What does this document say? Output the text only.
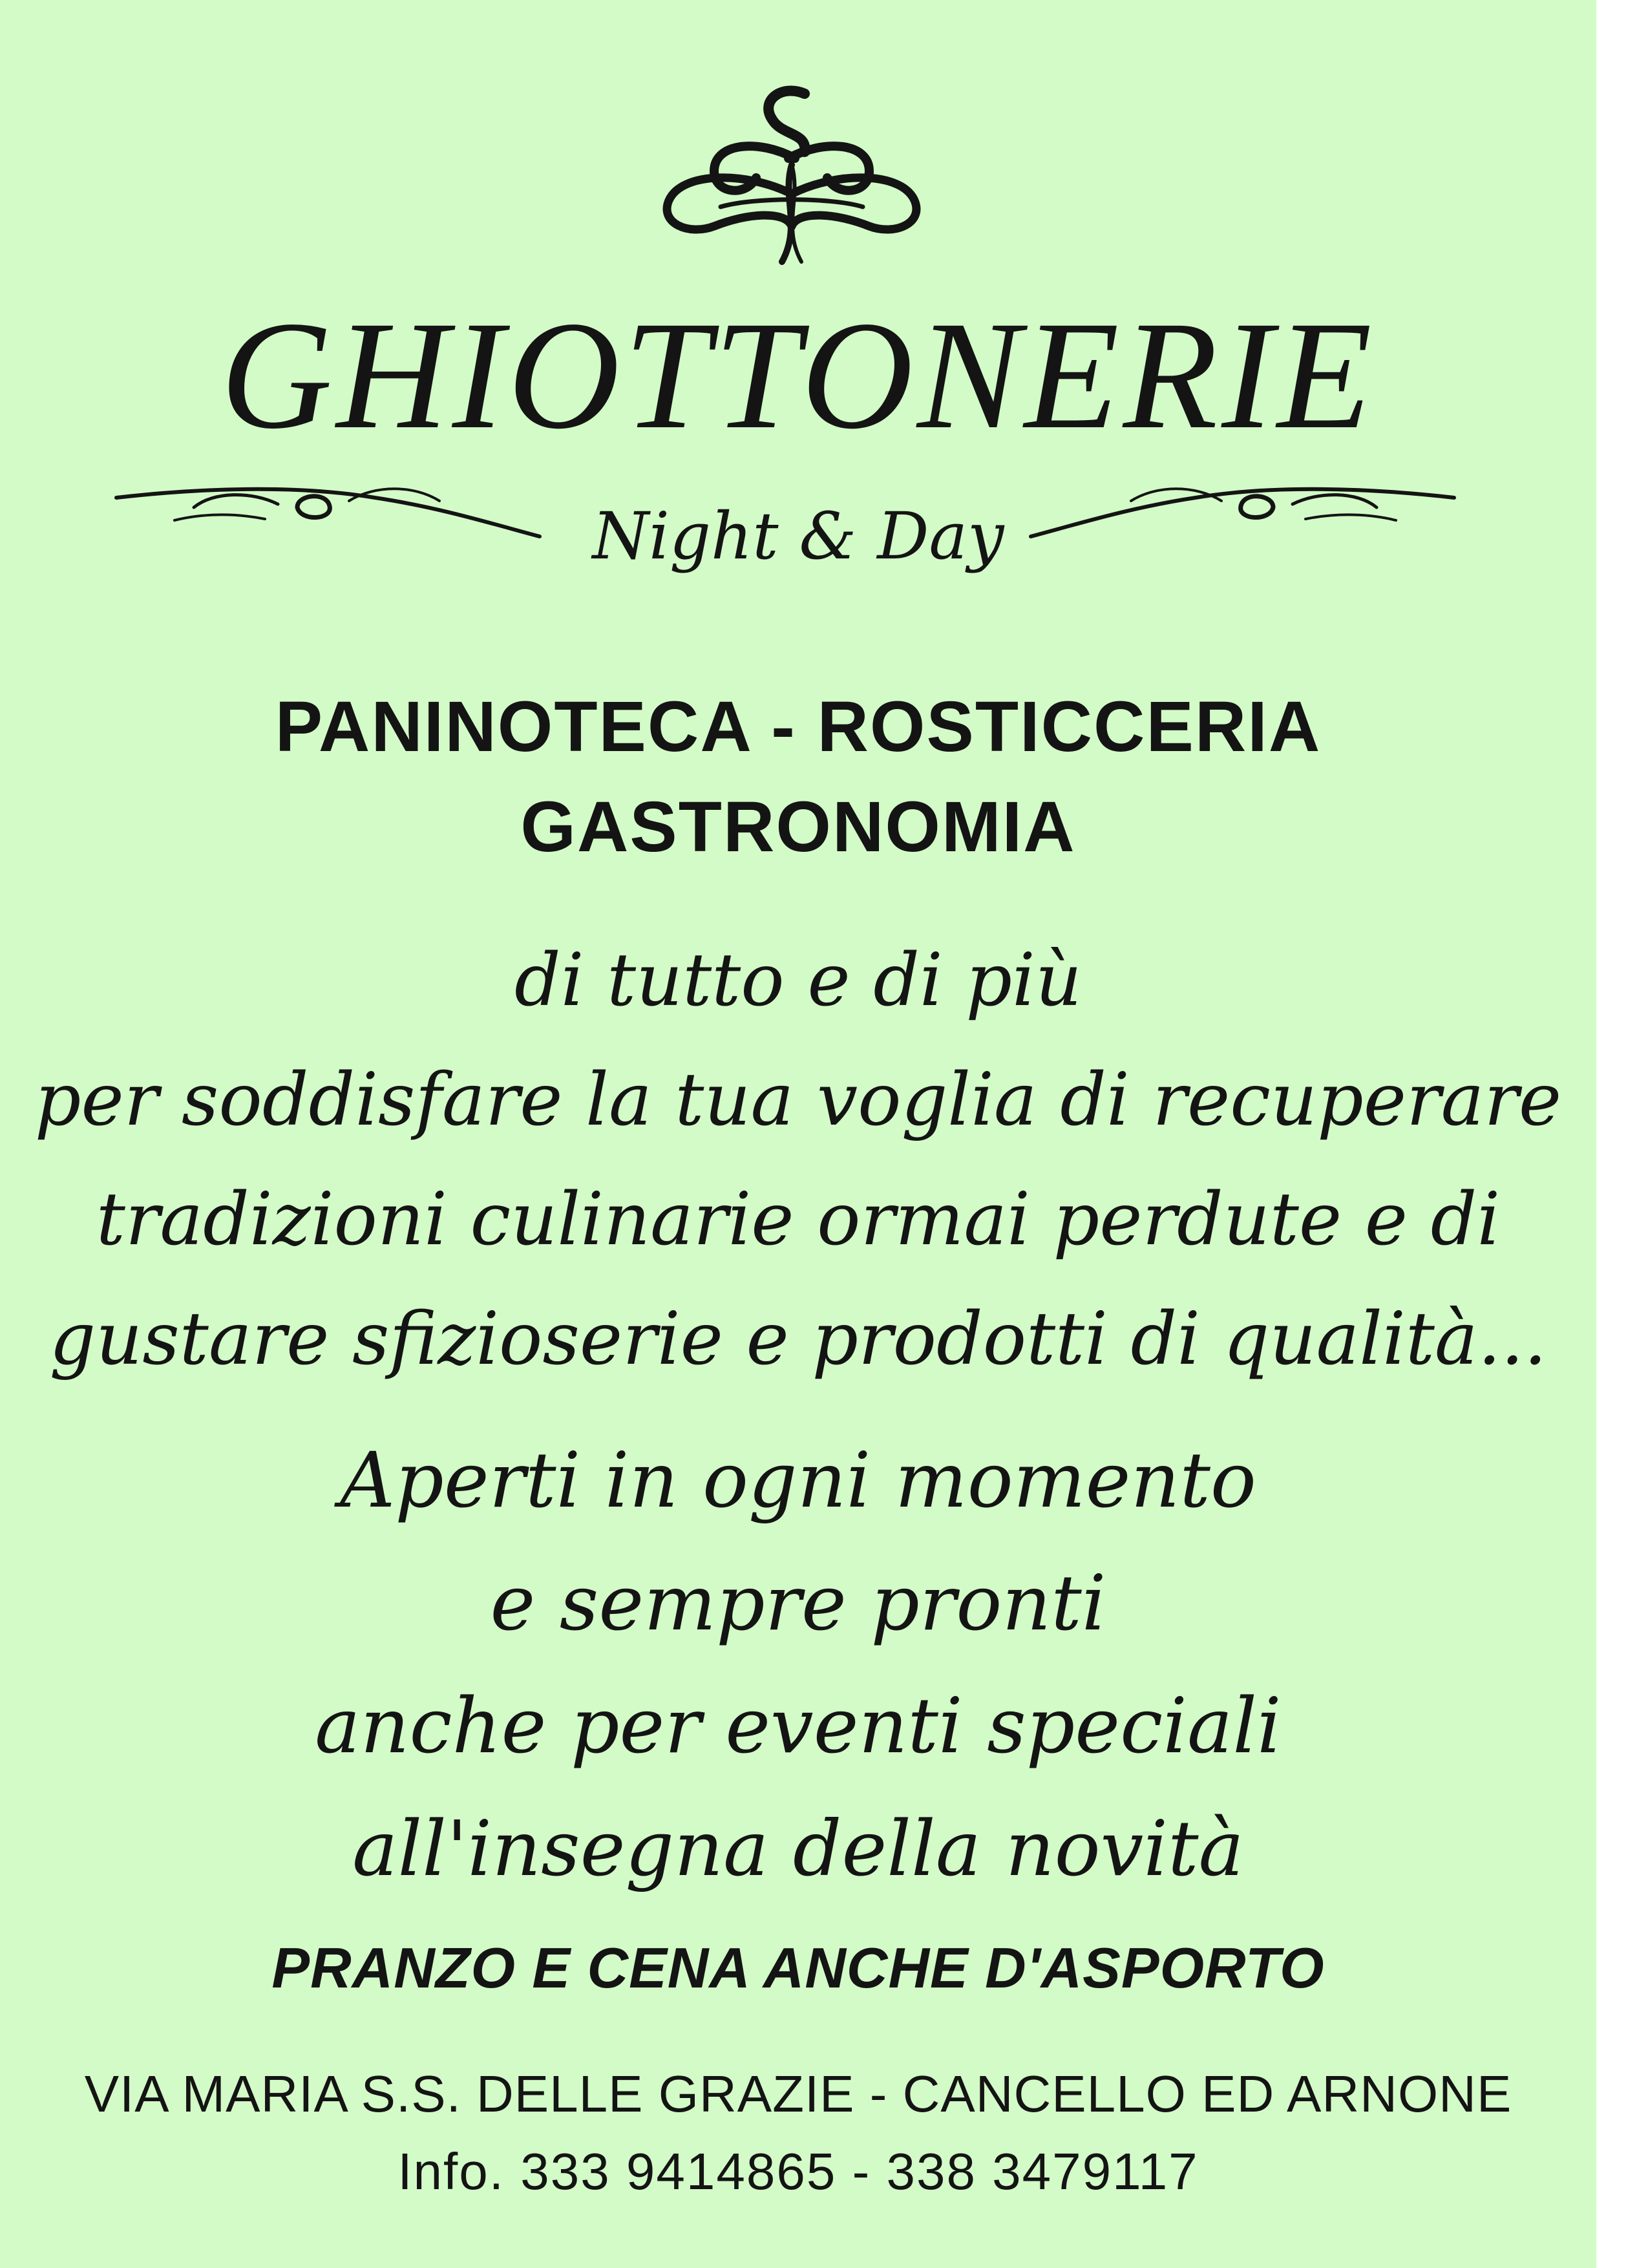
GHIOTTONERIE
Night & Day
PANINOTECA - ROSTICCERIA
GASTRONOMIA
di tutto e di più
per soddisfare la tua voglia di recuperare
tradizioni culinarie ormai perdute e di
gustare sfizioserie e prodotti di qualità...
Aperti in ogni momento
e sempre pronti
anche per eventi speciali
all'insegna della novità
PRANZO E CENA ANCHE D'ASPORTO
VIA MARIA S.S. DELLE GRAZIE - CANCELLO ED ARNONE
Info. 333 9414865 - 338 3479117
